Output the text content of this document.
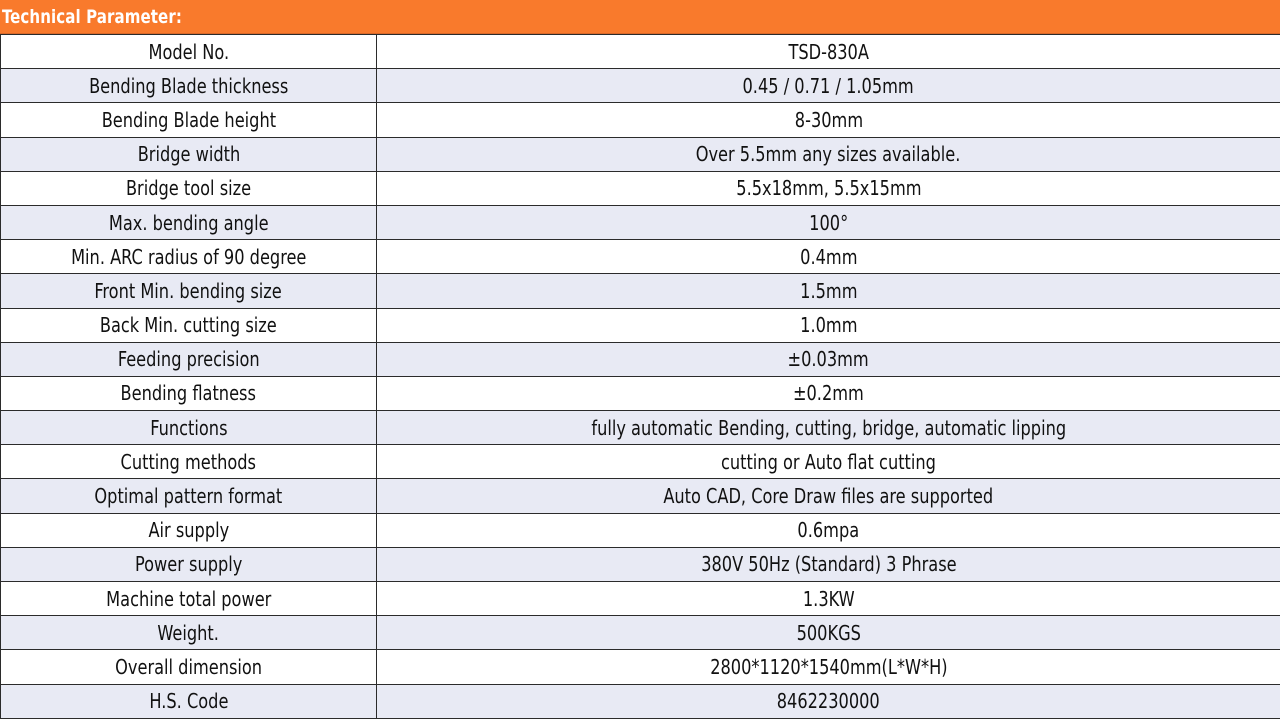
Technical Parameter:
Model No.	TSD-830A
Bending Blade thickness	0.45 / 0.71 / 1.05mm
Bending Blade height	8-30mm
Bridge width	Over 5.5mm any sizes available.
Bridge tool size	5.5x18mm, 5.5x15mm
Max. bending angle	100°
Min. ARC radius of 90 degree	0.4mm
Front Min. bending size	1.5mm
Back Min. cutting size	1.0mm
Feeding precision	±0.03mm
Bending flatness	±0.2mm
Functions	fully automatic Bending, cutting, bridge, automatic lipping
Cutting methods	cutting or Auto flat cutting
Optimal pattern format	Auto CAD, Core Draw files are supported
Air supply	0.6mpa
Power supply	380V 50Hz (Standard) 3 Phrase
Machine total power	1.3KW
Weight.	500KGS
Overall dimension	2800*1120*1540mm(L*W*H)
H.S. Code	8462230000
